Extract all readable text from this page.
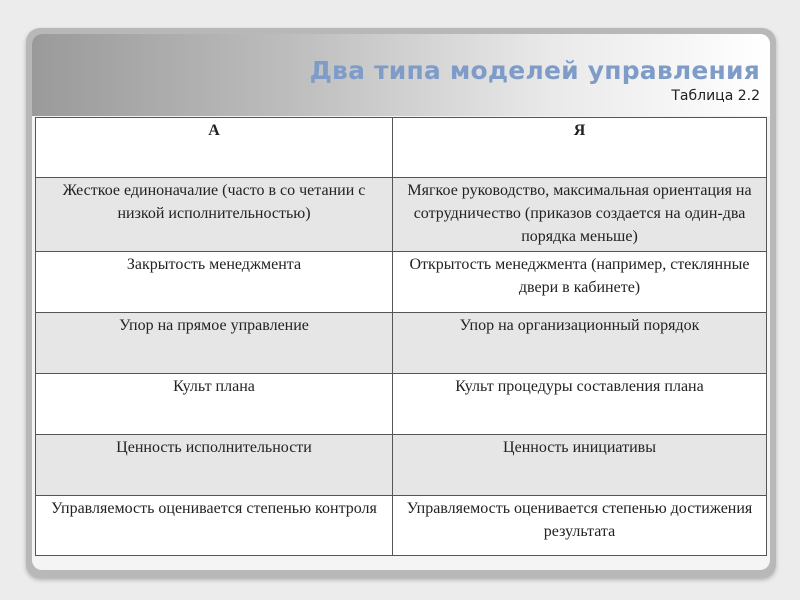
Два типа моделей управления
Таблица 2.2
А	Я
Жесткое единоначалие (часто в со четании с низкой исполнительностью)	Мягкое руководство, максимальная ориентация на сотрудничество (приказов создается на один-два порядка меньше)
Закрытость менеджмента	Открытость менеджмента (например, стеклянные двери в кабинете)
Упор на прямое управление	Упор на организационный порядок
Культ плана	Культ процедуры составления плана
Ценность исполнительности	Ценность инициативы
Управляемость оценивается степенью контроля	Управляемость оценивается степенью достижения результата
